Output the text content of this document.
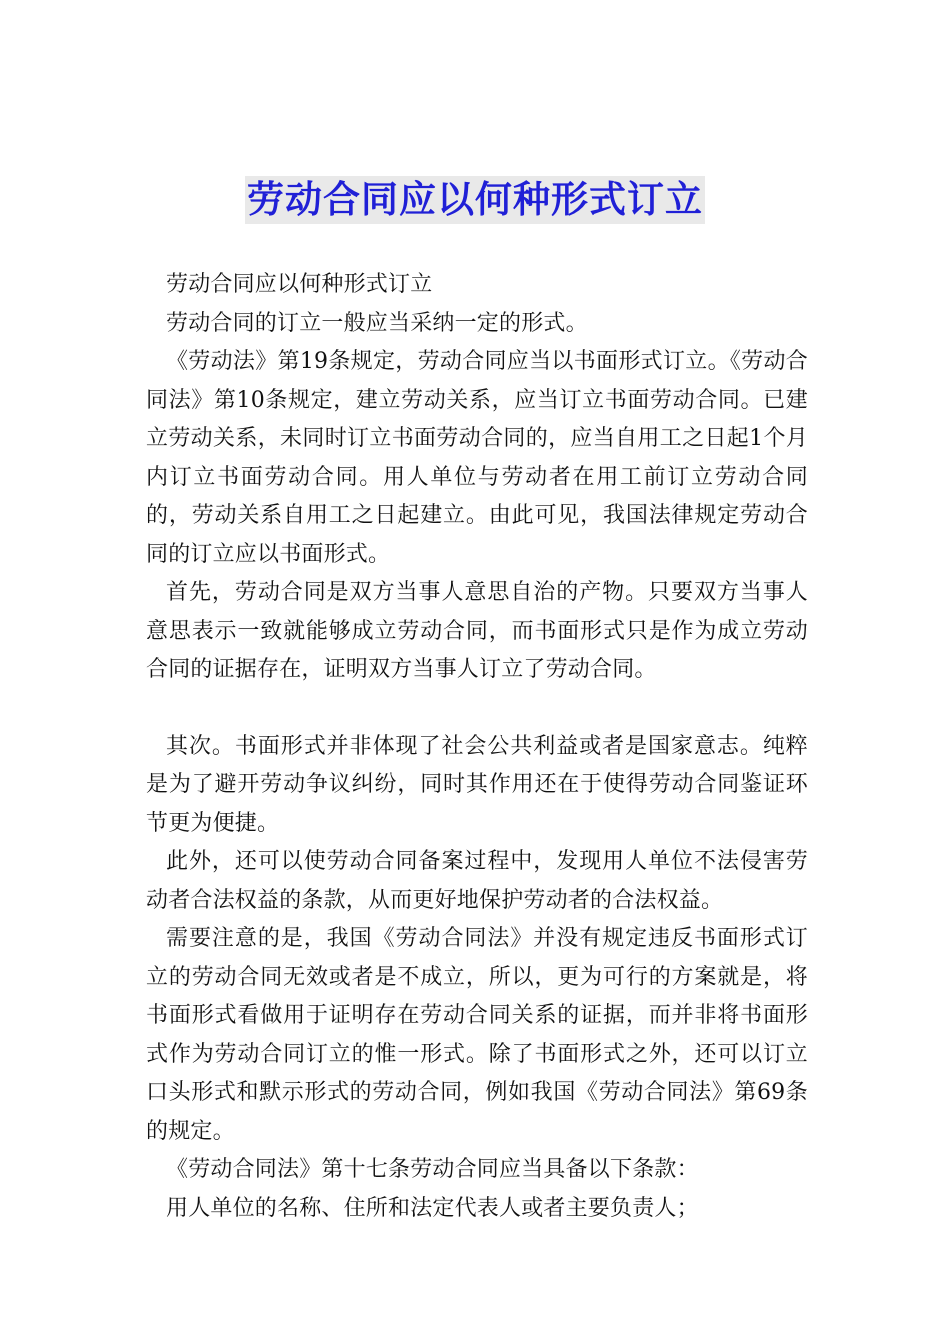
劳动合同应以何种形式订立

劳动合同应以何种形式订立

劳动合同的订立一般应当采纳一定的形式。

《劳动法》第19条规定，劳动合同应当以书面形式订立。《劳动合同法》第10条规定，建立劳动关系，应当订立书面劳动合同。已建立劳动关系，未同时订立书面劳动合同的，应当自用工之日起1个月内订立书面劳动合同。用人单位与劳动者在用工前订立劳动合同的，劳动关系自用工之日起建立。由此可见，我国法律规定劳动合同的订立应以书面形式。

首先，劳动合同是双方当事人意思自治的产物。只要双方当事人意思表示一致就能够成立劳动合同，而书面形式只是作为成立劳动合同的证据存在，证明双方当事人订立了劳动合同。

其次。书面形式并非体现了社会公共利益或者是国家意志。纯粹是为了避开劳动争议纠纷，同时其作用还在于使得劳动合同鉴证环节更为便捷。

此外，还可以使劳动合同备案过程中，发现用人单位不法侵害劳动者合法权益的条款，从而更好地保护劳动者的合法权益。

需要注意的是，我国《劳动合同法》并没有规定违反书面形式订立的劳动合同无效或者是不成立，所以，更为可行的方案就是，将书面形式看做用于证明存在劳动合同关系的证据，而并非将书面形式作为劳动合同订立的惟一形式。除了书面形式之外，还可以订立口头形式和默示形式的劳动合同，例如我国《劳动合同法》第69条的规定。

《劳动合同法》第十七条劳动合同应当具备以下条款：

用人单位的名称、住所和法定代表人或者主要负责人；
